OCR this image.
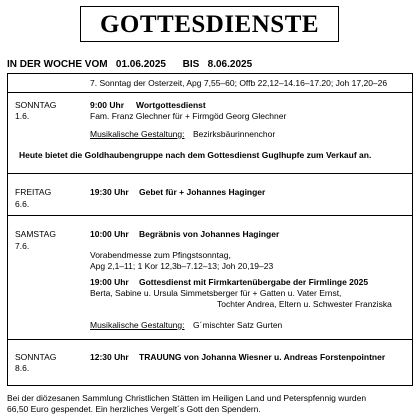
GOTTESDIENSTE
IN DER WOCHE VOM 01.06.2025 BIS 8.06.2025
7. Sonntag der Osterzeit, Apg 7,55–60; Offb 22,12–14.16–17.20; Joh 17,20–26
SONNTAG
1.6.
9:00 Uhr Wortgottesdienst
Fam. Franz Glechner für + Firmgöd Georg Glechner
Musikalische Gestaltung: Bezirksbäurinnenchor
Heute bietet die Goldhaubengruppe nach dem Gottesdienst Guglhupfe zum Verkauf an.
FREITAG
6.6.
19:30 Uhr Gebet für + Johannes Haginger
SAMSTAG
7.6.
10:00 Uhr Begräbnis von Johannes Haginger
Vorabendmesse zum Pfingstsonntag,
Apg 2,1–11; 1 Kor 12,3b–7.12–13; Joh 20,19–23
19:00 Uhr Gottesdienst mit Firmkartenübergabe der Firmlinge 2025
Berta, Sabine u. Ursula Simmetsberger für + Gatten u. Vater Ernst,
Tochter Andrea, Eltern u. Schwester Franziska
Musikalische Gestaltung: G´mischter Satz Gurten
SONNTAG
8.6.
12:30 Uhr TRAUUNG von Johanna Wiesner u. Andreas Forstenpointner
Bei der diözesanen Sammlung Christlichen Stätten im Heiligen Land und Peterspfennig wurden
66,50 Euro gespendet. Ein herzliches Vergelt´s Gott den Spendern.
